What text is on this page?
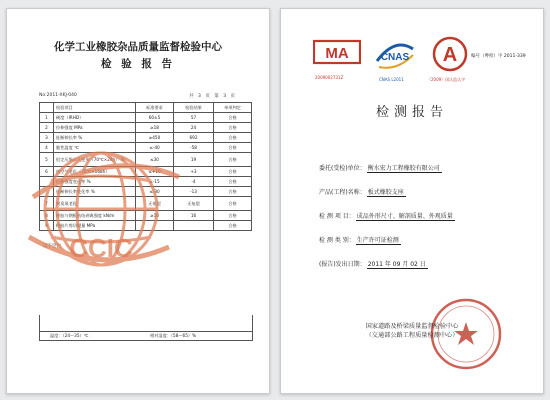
化学工业橡胶杂品质量监督检验中心
检 验 报 告
No:2011-XKJ-040	共 3 页 第 3 页
	检验项目	标准要求	检验结果	单项判定
1	硬度（IRHD）	60±5	57	合格
2	拉伸强度 MPa	≥18	24	合格
3	扯断伸长率 %	≥450	692	合格
4	脆性温度 ℃	≤-40	-58	合格
5	恒定压缩永久变形（70℃×24h） %	≤30	19	合格
6	热空气老化（70℃×168h）	≤+10	+3	合格
	拉伸强度变化率 %	≤-15	-4	合格
	扯断伸长率变化率 %	≤-30	-13	合格
7	耐臭氧老化	无龟裂	无龟裂	合格
8	橡胶与钢板粘结剥离强度 kN/m	≥10	16	合格
9	橡胶片剪切模量 MPa			合格
以下空白 CCIC
温度：（24～35）℃	相对湿度：（58～65）%
MA
2009002731Z
CNAS
CNAS L2011
A
（2009）国认监认字
编号（粤检）字 2011-339
检测报告
委托(受检)单位： 衡水宏力工程橡胶有限公司
产品(工程)名称： 板式橡胶支座
检 测 项 目： 成品外形尺寸、解剖质量、外观质量
检 测 类 别： 生产许可证检测
(报告)发出日期： 2011 年 09 月 02 日
国家道路及桥梁质量监督检验中心
（交通部公路工程质量检测中心）
